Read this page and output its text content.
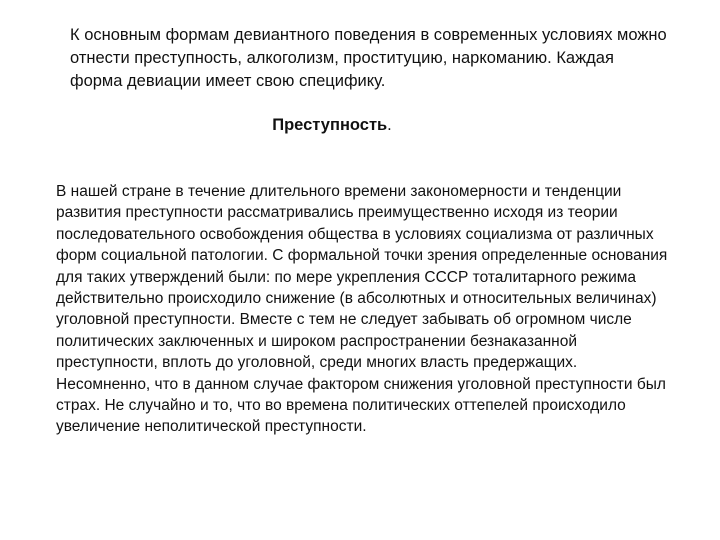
К основным формам девиантного поведения в современных условиях можно отнести преступность, алкоголизм, проституцию, наркоманию. Каждая форма девиации имеет свою специфику.

Преступность.

В нашей стране в течение длительного времени закономерности и тенденции развития преступности рассматривались преимущественно исходя из теории последовательного освобождения общества в условиях социализма от различных форм социальной патологии. С формальной точки зрения определенные основания для таких утверждений были: по мере укрепления СССР тоталитарного режима действительно происходило снижение (в абсолютных и относительных величинах) уголовной преступности. Вместе с тем не следует забывать об огромном числе политических заключенных и широком распространении безнаказанной преступности, вплоть до уголовной, среди многих власть предержащих. Несомненно, что в данном случае фактором снижения уголовной преступности был страх. Не случайно и то, что во времена политических оттепелей происходило увеличение неполитической преступности.
